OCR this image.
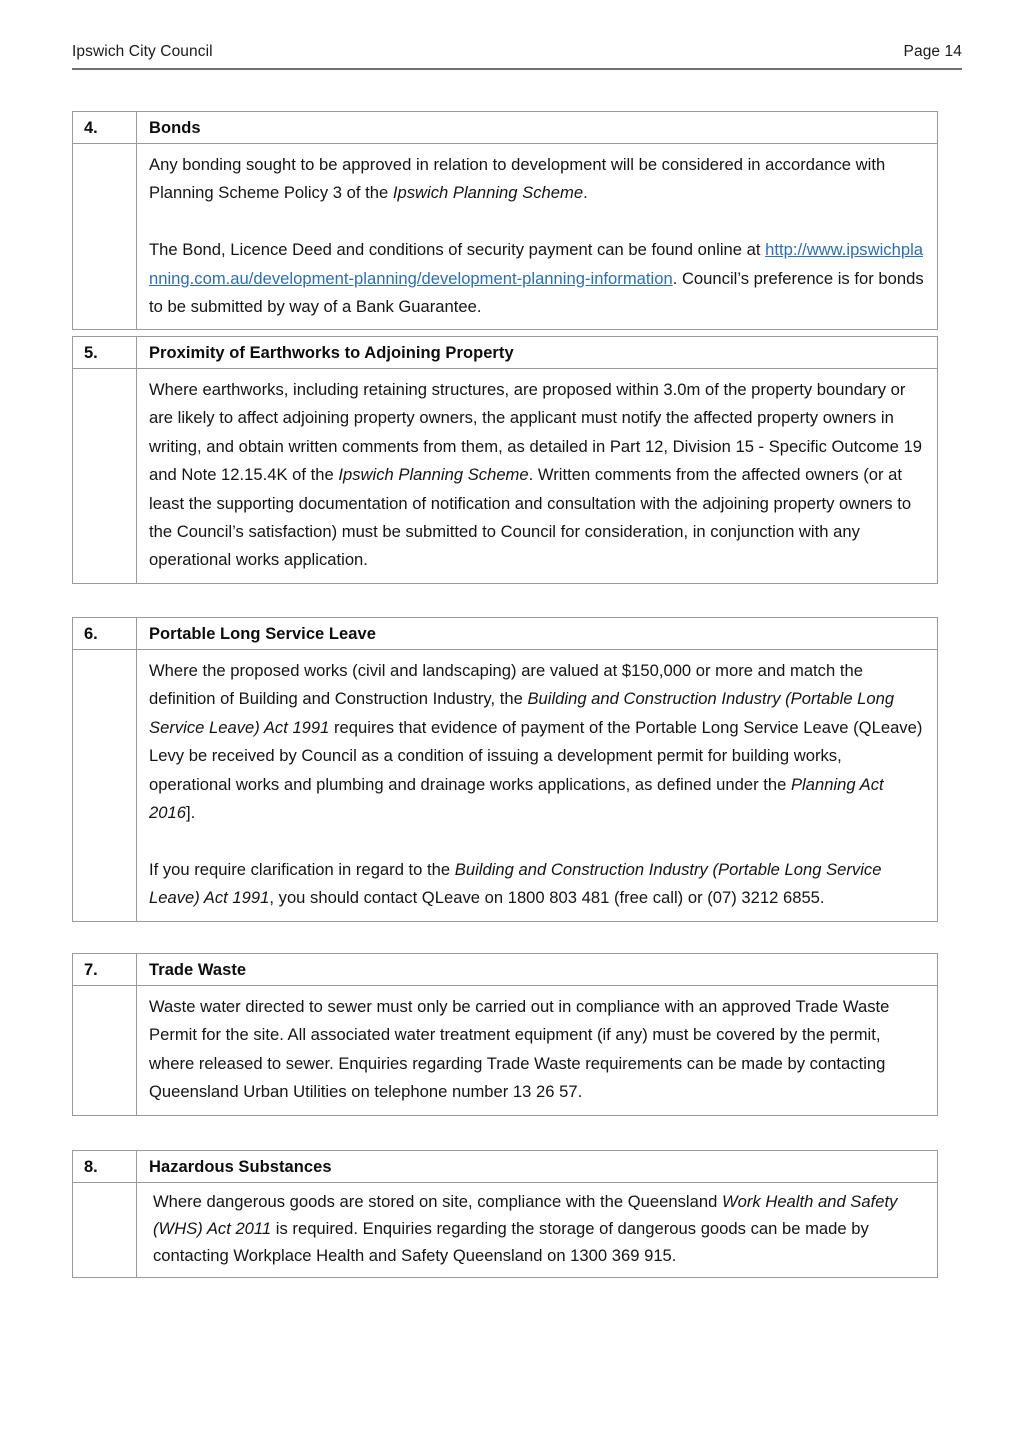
Ipswich City Council	Page 14
4.	Bonds

	Any bonding sought to be approved in relation to development will be considered in accordance with Planning Scheme Policy 3 of the Ipswich Planning Scheme.

The Bond, Licence Deed and conditions of security payment can be found online at http://www.ipswichplanning.com.au/development-planning/development-planning-information. Council’s preference is for bonds to be submitted by way of a Bank Guarantee.

5.	Proximity of Earthworks to Adjoining Property

	Where earthworks, including retaining structures, are proposed within 3.0m of the property boundary or are likely to affect adjoining property owners, the applicant must notify the affected property owners in writing, and obtain written comments from them, as detailed in Part 12, Division 15 - Specific Outcome 19 and Note 12.15.4K of the Ipswich Planning Scheme. Written comments from the affected owners (or at least the supporting documentation of notification and consultation with the adjoining property owners to the Council’s satisfaction) must be submitted to Council for consideration, in conjunction with any operational works application.

6.	Portable Long Service Leave

	Where the proposed works (civil and landscaping) are valued at $150,000 or more and match the definition of Building and Construction Industry, the Building and Construction Industry (Portable Long Service Leave) Act 1991 requires that evidence of payment of the Portable Long Service Leave (QLeave) Levy be received by Council as a condition of issuing a development permit for building works, operational works and plumbing and drainage works applications, as defined under the Planning Act 2016].

If you require clarification in regard to the Building and Construction Industry (Portable Long Service Leave) Act 1991, you should contact QLeave on 1800 803 481 (free call) or (07) 3212 6855.

7.	Trade Waste

	Waste water directed to sewer must only be carried out in compliance with an approved Trade Waste Permit for the site. All associated water treatment equipment (if any) must be covered by the permit, where released to sewer. Enquiries regarding Trade Waste requirements can be made by contacting Queensland Urban Utilities on telephone number 13 26 57.

8.	Hazardous Substances

	Where dangerous goods are stored on site, compliance with the Queensland Work Health and Safety (WHS) Act 2011 is required. Enquiries regarding the storage of dangerous goods can be made by contacting Workplace Health and Safety Queensland on 1300 369 915.
